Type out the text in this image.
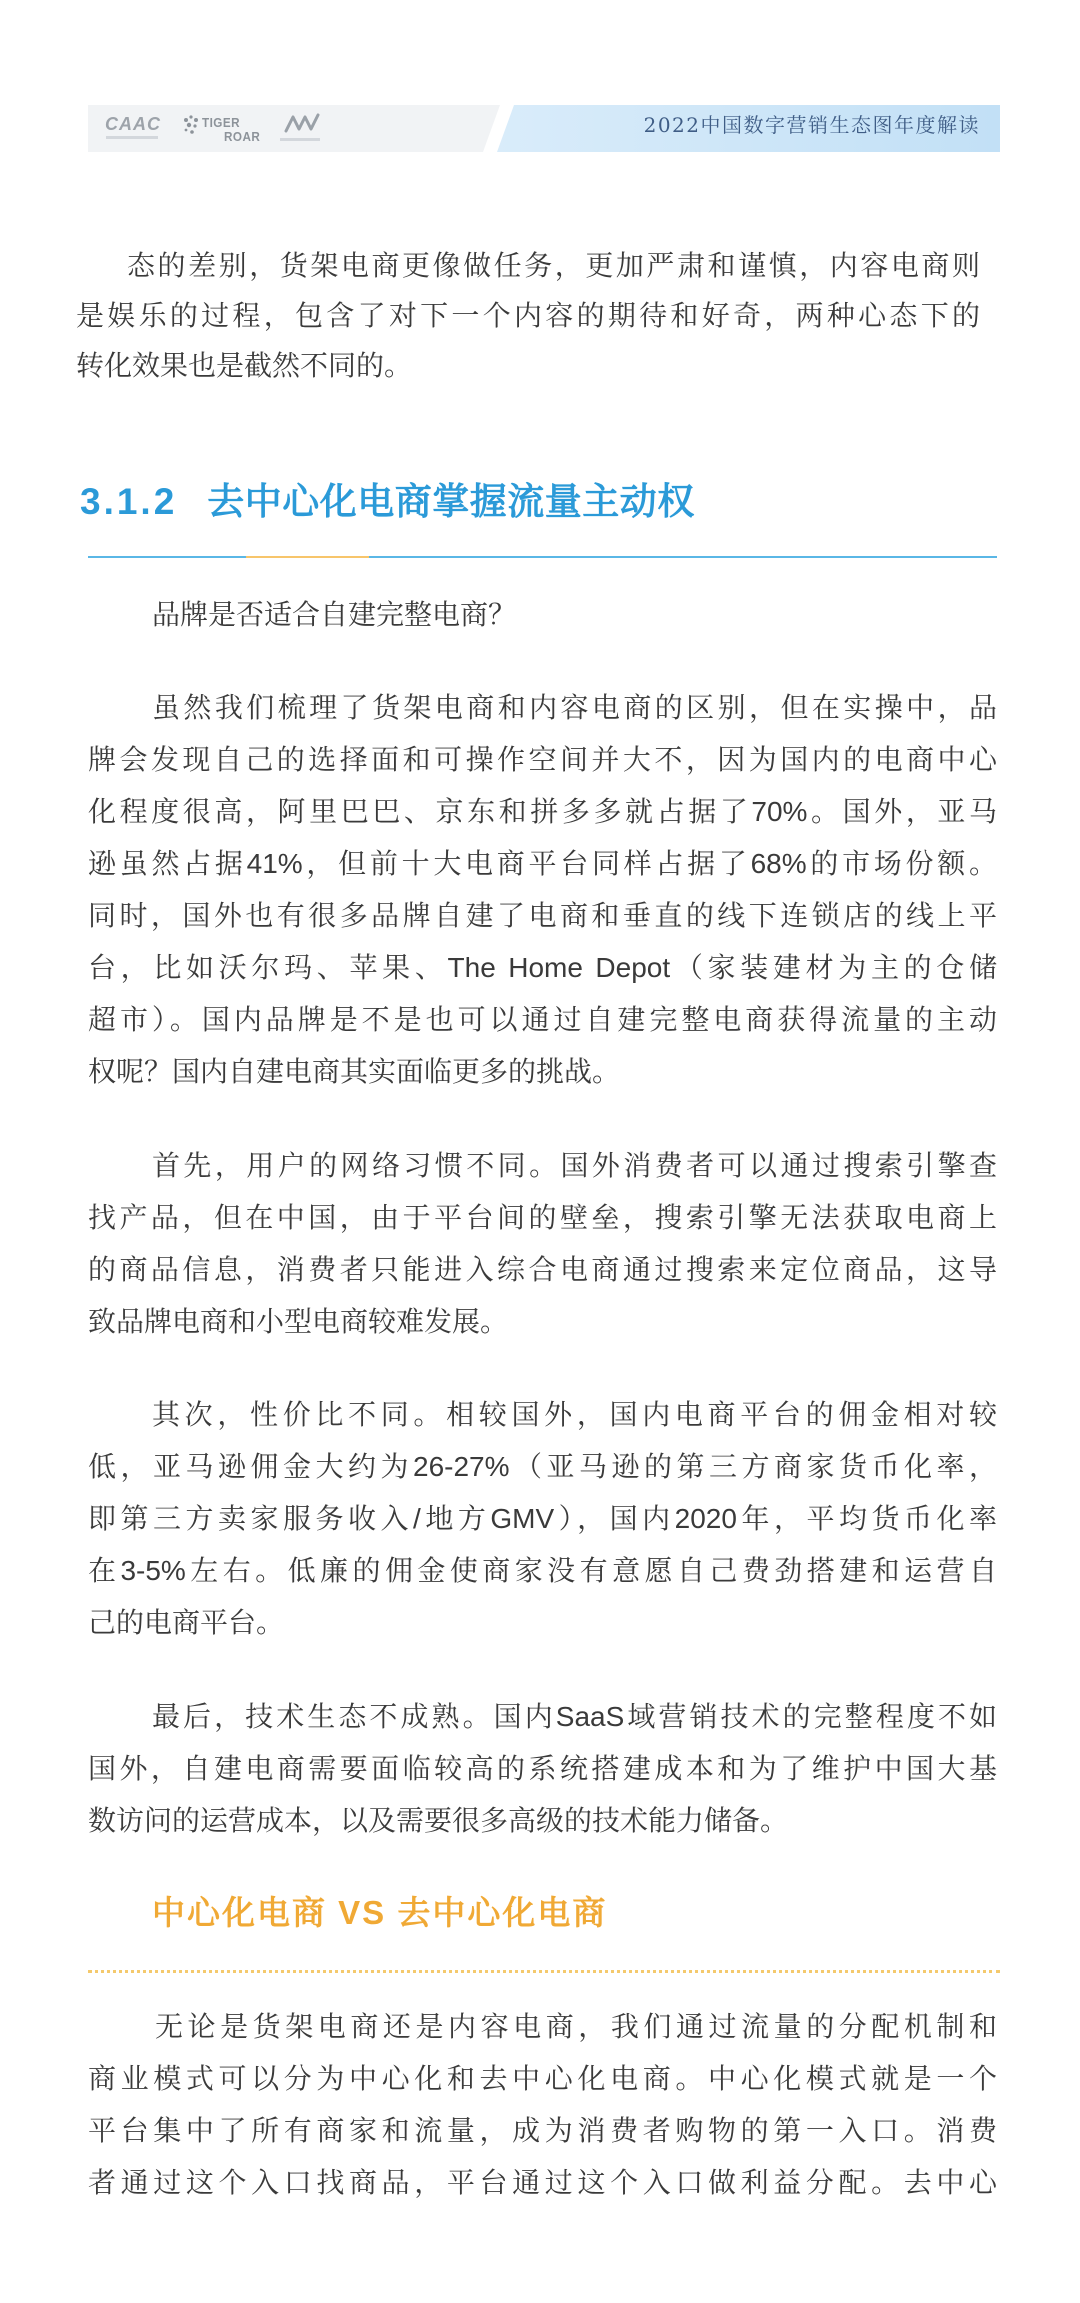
CAAC	TIGER
ROAR	2022中国数字营销生态图年度解读
态的差别，货架电商更像做任务，更加严肃和谨慎，内容电商则
是娱乐的过程，包含了对下一个内容的期待和好奇，两种心态下的
转化效果也是截然不同的。
3.1.2 去中心化电商掌握流量主动权
品牌是否适合自建完整电商？
虽然我们梳理了货架电商和内容电商的区别，但在实操中，品
牌会发现自己的选择面和可操作空间并大不，因为国内的电商中心
化程度很高，阿里巴巴、京东和拼多多就占据了70%。国外，亚马
逊虽然占据41%，但前十大电商平台同样占据了68%的市场份额。
同时，国外也有很多品牌自建了电商和垂直的线下连锁店的线上平
台，比如沃尔玛、苹果、The Home Depot（家装建材为主的仓储
超市）。国内品牌是不是也可以通过自建完整电商获得流量的主动
权呢？国内自建电商其实面临更多的挑战。
首先，用户的网络习惯不同。国外消费者可以通过搜索引擎查
找产品，但在中国，由于平台间的壁垒，搜索引擎无法获取电商上
的商品信息，消费者只能进入综合电商通过搜索来定位商品，这导
致品牌电商和小型电商较难发展。
其次，性价比不同。相较国外，国内电商平台的佣金相对较
低，亚马逊佣金大约为26-27%（亚马逊的第三方商家货币化率，
即第三方卖家服务收入/地方GMV），国内2020年，平均货币化率
在3-5%左右。低廉的佣金使商家没有意愿自己费劲搭建和运营自
己的电商平台。
最后，技术生态不成熟。国内SaaS域营销技术的完整程度不如
国外，自建电商需要面临较高的系统搭建成本和为了维护中国大基
数访问的运营成本，以及需要很多高级的技术能力储备。
中心化电商 VS 去中心化电商
无论是货架电商还是内容电商，我们通过流量的分配机制和
商业模式可以分为中心化和去中心化电商。中心化模式就是一个
平台集中了所有商家和流量，成为消费者购物的第一入口。消费
者通过这个入口找商品，平台通过这个入口做利益分配。去中心
